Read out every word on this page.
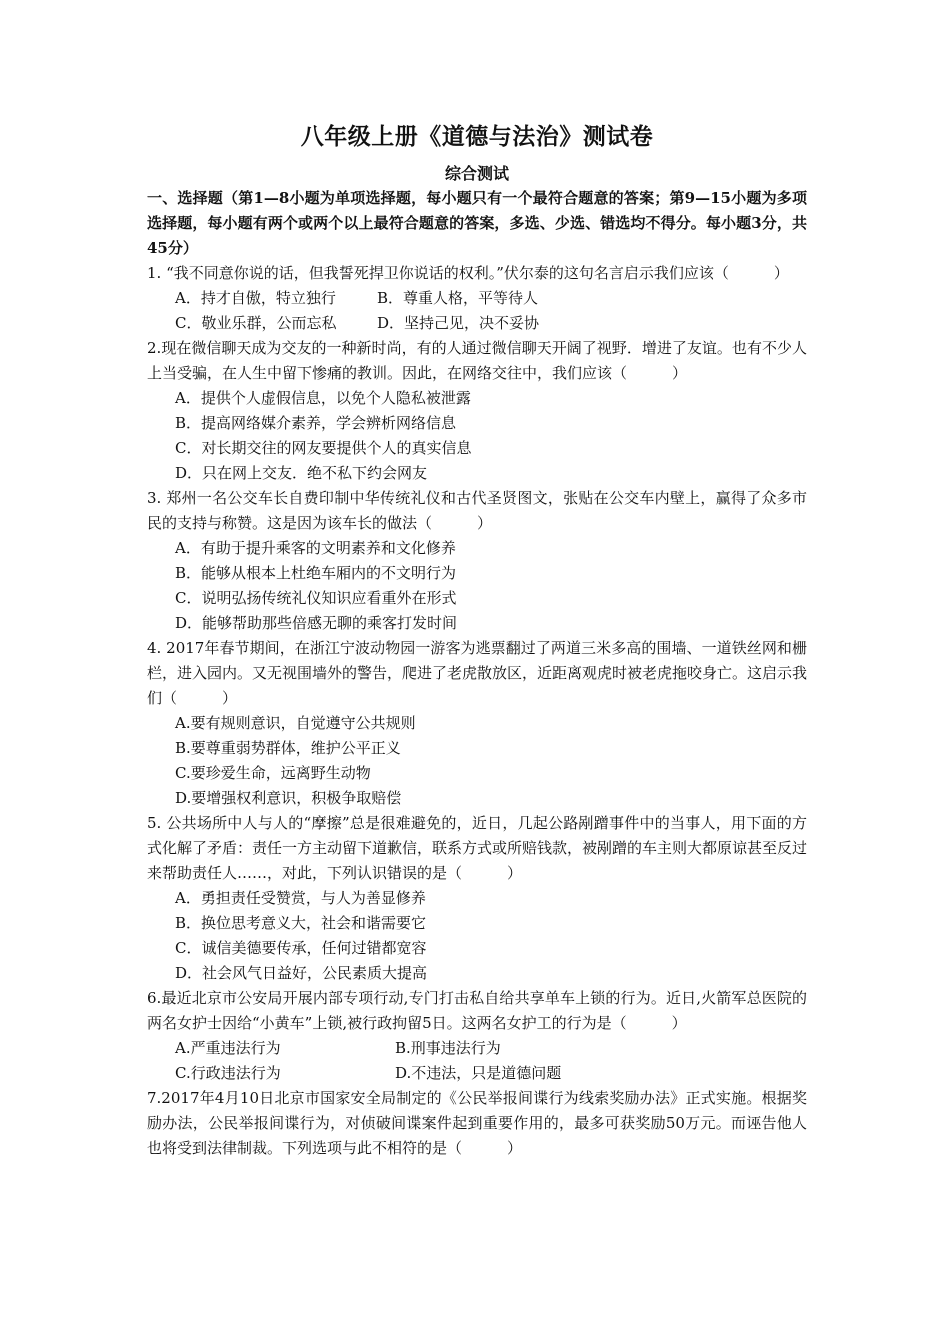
八年级上册《道德与法治》测试卷
综合测试
一、选择题（第1—8小题为单项选择题，每小题只有一个最符合题意的答案；第9—15小题为多项选择题，每小题有两个或两个以上最符合题意的答案，多选、少选、错选均不得分。每小题3分，共45分）
1. “我不同意你说的话，但我誓死捍卫你说话的权利。”伏尔泰的这句名言启示我们应该（　　　）
A．持才自傲，特立独行	B．尊重人格，平等待人
C．敬业乐群，公而忘私	D．坚持己见，决不妥协
2.现在微信聊天成为交友的一种新时尚，有的人通过微信聊天开阔了视野．增进了友谊。也有不少人上当受骗，在人生中留下惨痛的教训。因此，在网络交往中，我们应该（　　　）
A．提供个人虚假信息，以免个人隐私被泄露
B．提高网络媒介素养，学会辨析网络信息
C．对长期交往的网友要提供个人的真实信息
D．只在网上交友．绝不私下约会网友
3. 郑州一名公交车长自费印制中华传统礼仪和古代圣贤图文，张贴在公交车内壁上，赢得了众多市民的支持与称赞。这是因为该车长的做法（　　　）
A．有助于提升乘客的文明素养和文化修养
B．能够从根本上杜绝车厢内的不文明行为
C．说明弘扬传统礼仪知识应看重外在形式
D．能够帮助那些倍感无聊的乘客打发时间
4. 2017年春节期间，在浙江宁波动物园一游客为逃票翻过了两道三米多高的围墙、一道铁丝网和栅栏，进入园内。又无视围墙外的警告，爬进了老虎散放区，近距离观虎时被老虎拖咬身亡。这启示我们（　　　）
A.要有规则意识，自觉遵守公共规则
B.要尊重弱势群体，维护公平正义
C.要珍爱生命，远离野生动物
D.要增强权利意识，积极争取赔偿
5. 公共场所中人与人的“摩擦”总是很难避免的，近日，几起公路剐蹭事件中的当事人，用下面的方式化解了矛盾：责任一方主动留下道歉信，联系方式或所赔钱款，被剐蹭的车主则大都原谅甚至反过来帮助责任人……，对此，下列认识错误的是（　　　）
A．勇担责任受赞赏，与人为善显修养
B．换位思考意义大，社会和谐需要它
C．诚信美德要传承，任何过错都宽容
D．社会风气日益好，公民素质大提高
6.最近北京市公安局开展内部专项行动,专门打击私自给共享单车上锁的行为。近日,火箭军总医院的两名女护士因给“小黄车”上锁,被行政拘留5日。这两名女护工的行为是（　　　）
A.严重违法行为	B.刑事违法行为
C.行政违法行为	D.不违法，只是道德问题
7.2017年4月10日北京市国家安全局制定的《公民举报间谍行为线索奖励办法》正式实施。根据奖励办法，公民举报间谍行为，对侦破间谍案件起到重要作用的，最多可获奖励50万元。而诬告他人也将受到法律制裁。下列选项与此不相符的是（　　　）
